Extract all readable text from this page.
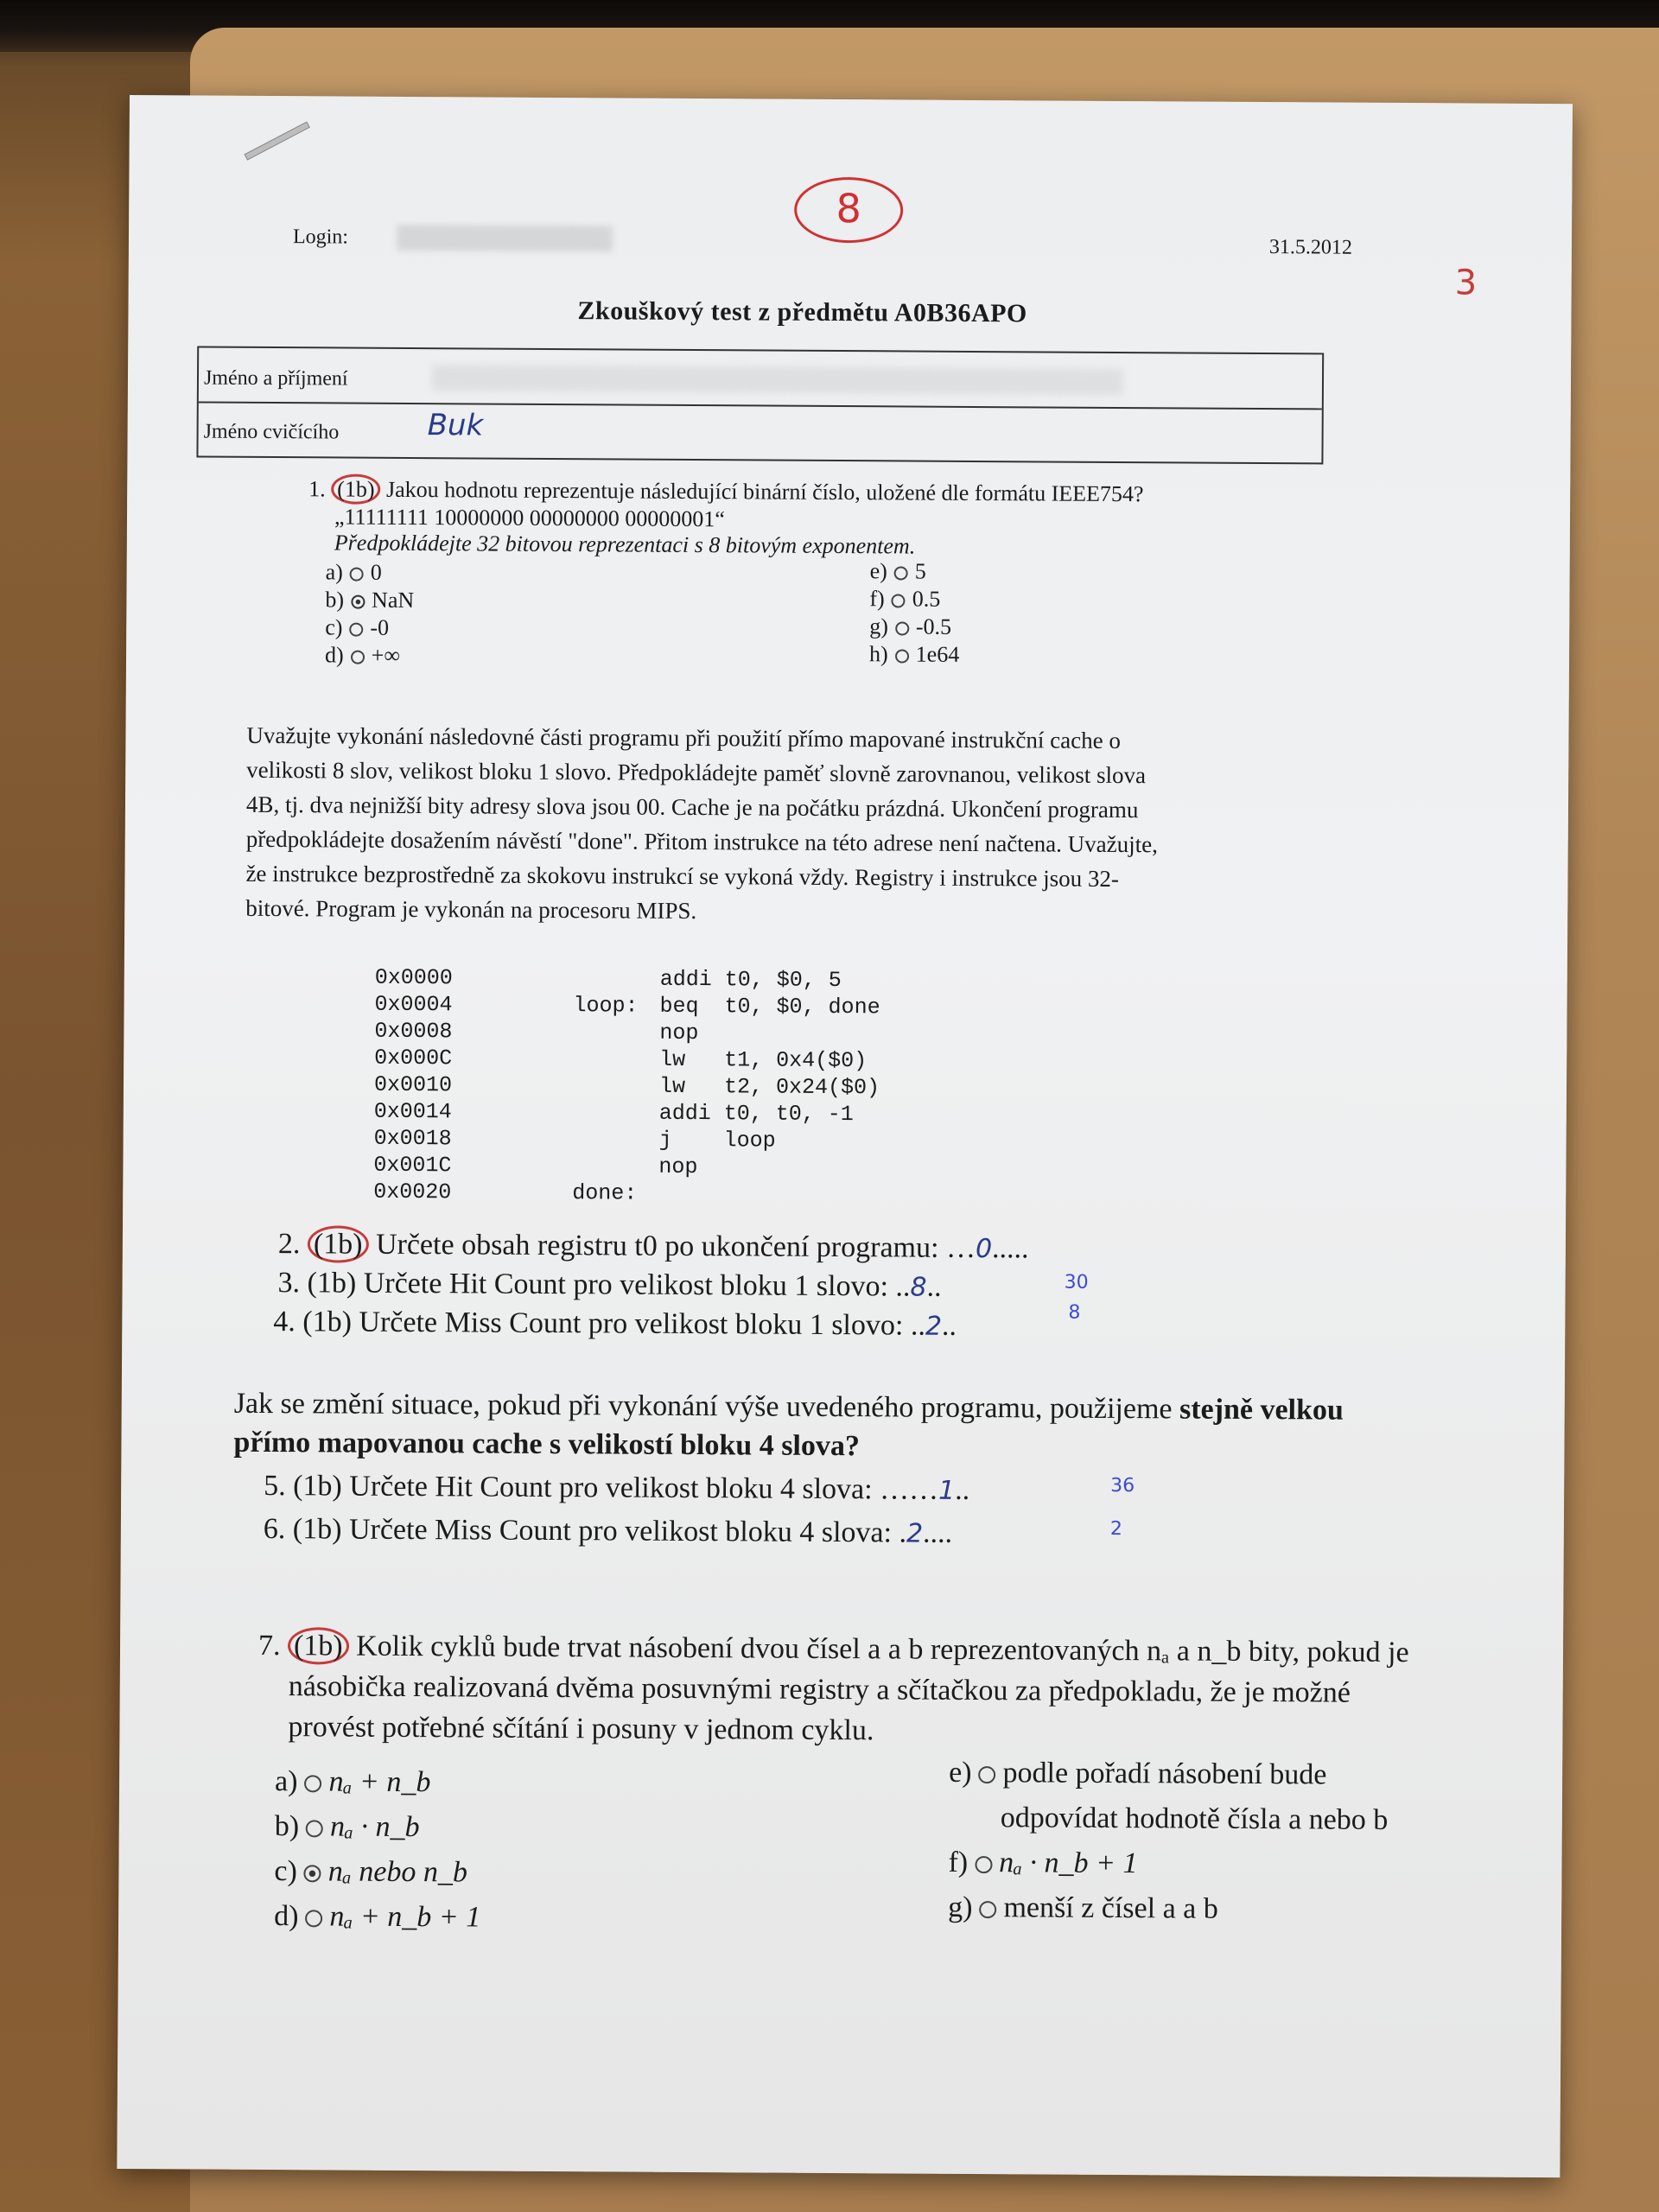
Login:	31.5.2012
8
3
Zkouškový test z předmětu A0B36APO
Jméno a příjmení
Jméno cvičícího	Buk
1. (1b) Jakou hodnotu reprezentuje následující binární číslo, uložené dle formátu IEEE754?
„11111111 10000000 00000000 00000001“
Předpokládejte 32 bitovou reprezentaci s 8 bitovým exponentem.
a) 0
b) NaN
c) -0
d) +∞
e) 5
f) 0.5
g) -0.5
h) 1e64
Uvažujte vykonání následovné části programu při použití přímo mapované instrukční cache o
velikosti 8 slov, velikost bloku 1 slovo. Předpokládejte paměť slovně zarovnanou, velikost slova
4B, tj. dva nejnižší bity adresy slova jsou 00. Cache je na počátku prázdná. Ukončení programu
předpokládejte dosažením návěstí "done". Přitom instrukce na této adrese není načtena. Uvažujte,
že instrukce bezprostředně za skokovu instrukcí se vykoná vždy. Registry i instrukce jsou 32-
bitové. Program je vykonán na procesoru MIPS.
0x0000	addi t0, $0, 5
0x0004	loop: beq  t0, $0, done
0x0008	nop
0x000C	lw   t1, 0x4($0)
0x0010	lw   t2, 0x24($0)
0x0014	addi t0, t0, -1
0x0018	j    loop
0x001C	nop
0x0020	done:
2. (1b) Určete obsah registru t0 po ukončení programu: …0.....
3. (1b) Určete Hit Count pro velikost bloku 1 slovo: ..8..	30
4. (1b) Určete Miss Count pro velikost bloku 1 slovo: ..2..	8
Jak se změní situace, pokud při vykonání výše uvedeného programu, použijeme stejně velkou
přímo mapovanou cache s velikostí bloku 4 slova?
5. (1b) Určete Hit Count pro velikost bloku 4 slova: ……1..	36
6. (1b) Určete Miss Count pro velikost bloku 4 slova: .2....	2
7. (1b) Kolik cyklů bude trvat násobení dvou čísel a a b reprezentovaných nₐ a n_b bity, pokud je
násobička realizovaná dvěma posuvnými registry a sčítačkou za předpokladu, že je možné
provést potřebné sčítání i posuny v jednom cyklu.
a) nₐ + n_b
b) nₐ · n_b
c) nₐ nebo n_b
d) nₐ + n_b + 1
e) podle pořadí násobení bude
odpovídat hodnotě čísla a nebo b
f) nₐ · n_b + 1
g) menší z čísel a a b
